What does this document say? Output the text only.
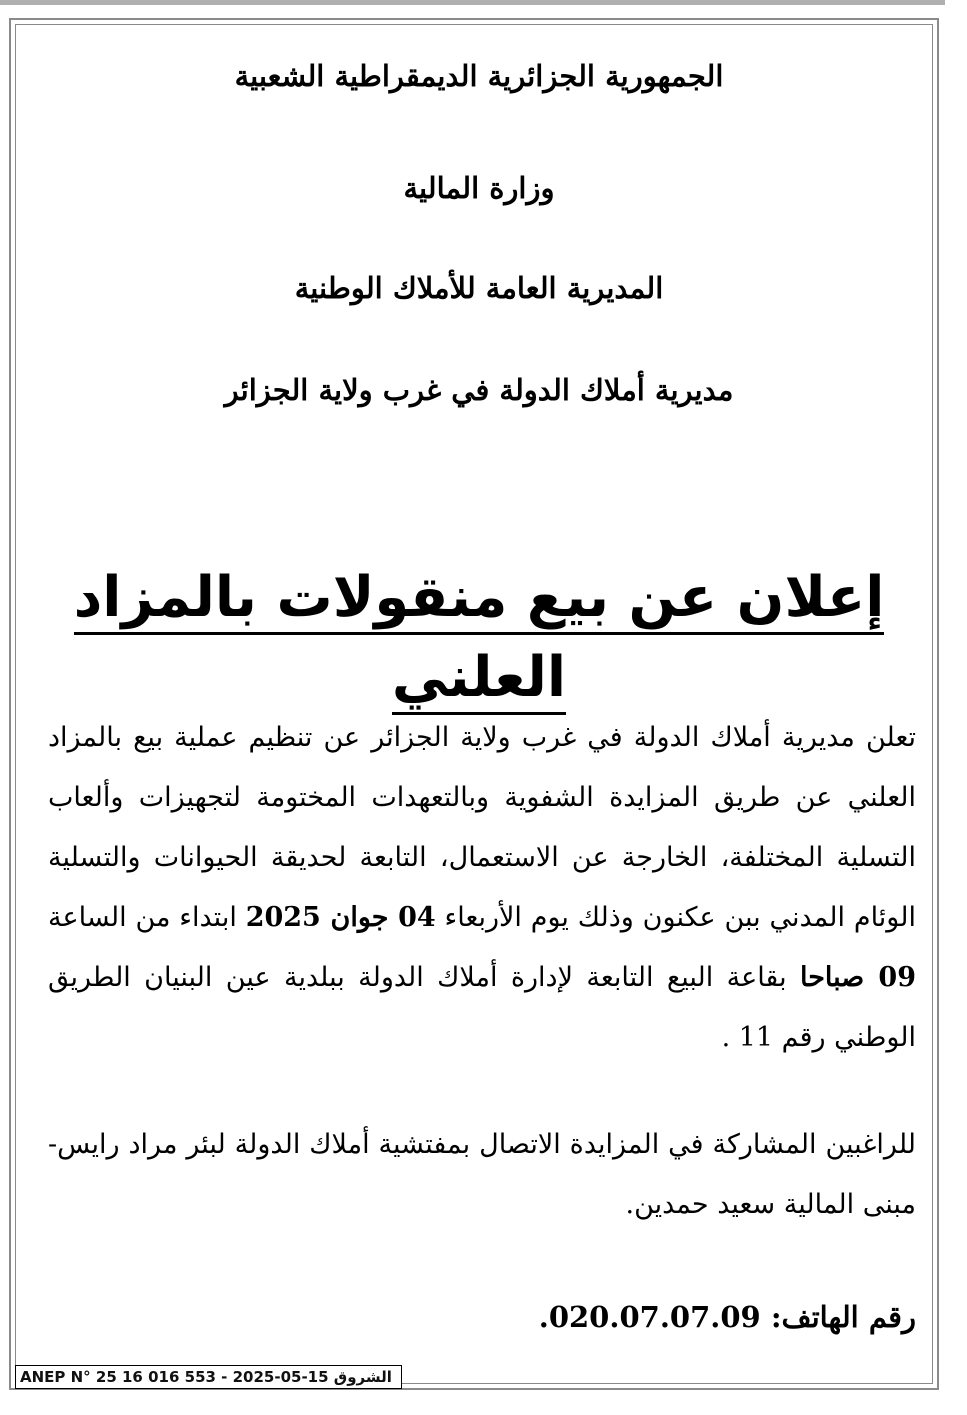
الجمهورية الجزائرية الديمقراطية الشعبية
وزارة المالية
المديرية العامة للأملاك الوطنية
مديرية أملاك الدولة في غرب ولاية الجزائر
إعلان عن بيع منقولات بالمزاد العلني
تعلن مديرية أملاك الدولة في غرب ولاية الجزائر عن تنظيم عملية بيع بالمزاد العلني عن طريق المزايدة الشفوية وبالتعهدات المختومة لتجهيزات وألعاب التسلية المختلفة، الخارجة عن الاستعمال، التابعة لحديقة الحيوانات والتسلية الوئام المدني ببن عكنون وذلك يوم الأربعاء 04 جوان 2025 ابتداء من الساعة 09 صباحا بقاعة البيع التابعة لإدارة أملاك الدولة ببلدية عين البنيان الطريق الوطني رقم 11 .
للراغبين المشاركة في المزايدة الاتصال بمفتشية أملاك الدولة لبئر مراد رايس- مبنى المالية سعيد حمدين.
رقم الهاتف: 020.07.07.09.
ANEP N° 25 16 016 553 - 2025-05-15 الشروق
